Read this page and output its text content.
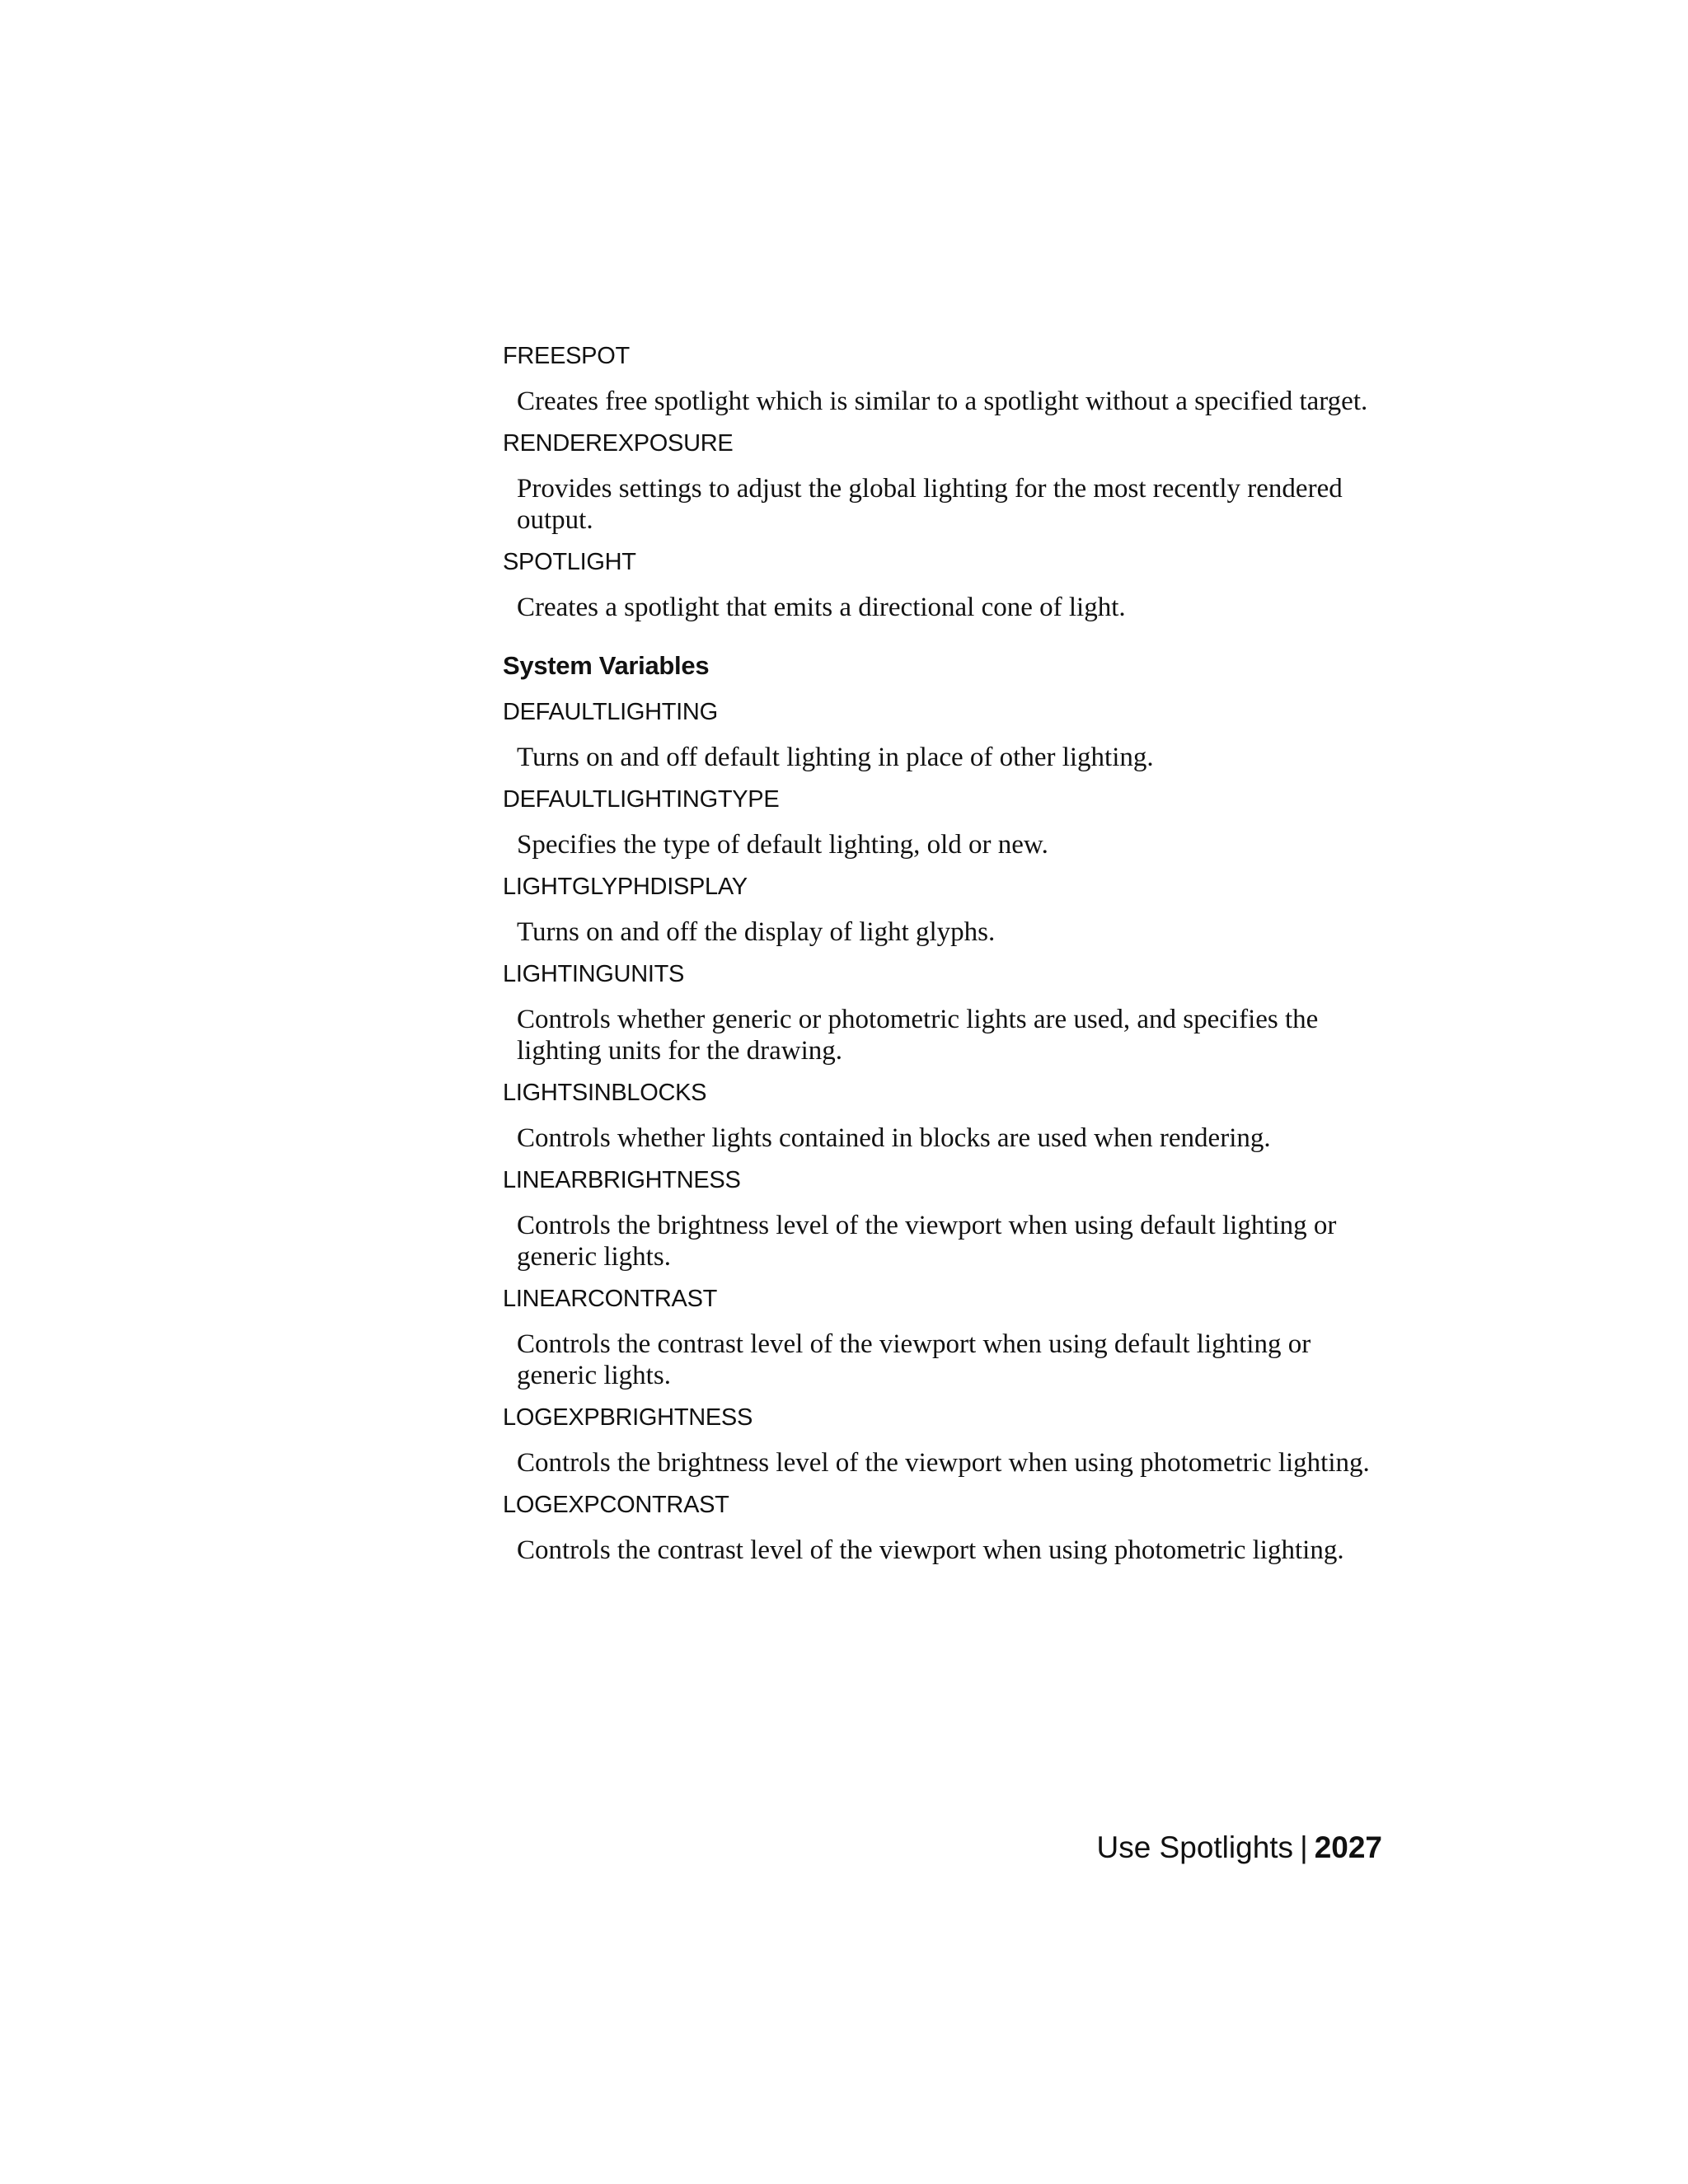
FREESPOT
Creates free spotlight which is similar to a spotlight without a specified target.
RENDEREXPOSURE
Provides settings to adjust the global lighting for the most recently rendered output.
SPOTLIGHT
Creates a spotlight that emits a directional cone of light.
System Variables
DEFAULTLIGHTING
Turns on and off default lighting in place of other lighting.
DEFAULTLIGHTINGTYPE
Specifies the type of default lighting, old or new.
LIGHTGLYPHDISPLAY
Turns on and off the display of light glyphs.
LIGHTINGUNITS
Controls whether generic or photometric lights are used, and specifies the lighting units for the drawing.
LIGHTSINBLOCKS
Controls whether lights contained in blocks are used when rendering.
LINEARBRIGHTNESS
Controls the brightness level of the viewport when using default lighting or generic lights.
LINEARCONTRAST
Controls the contrast level of the viewport when using default lighting or generic lights.
LOGEXPBRIGHTNESS
Controls the brightness level of the viewport when using photometric lighting.
LOGEXPCONTRAST
Controls the contrast level of the viewport when using photometric lighting.
Use Spotlights | 2027
